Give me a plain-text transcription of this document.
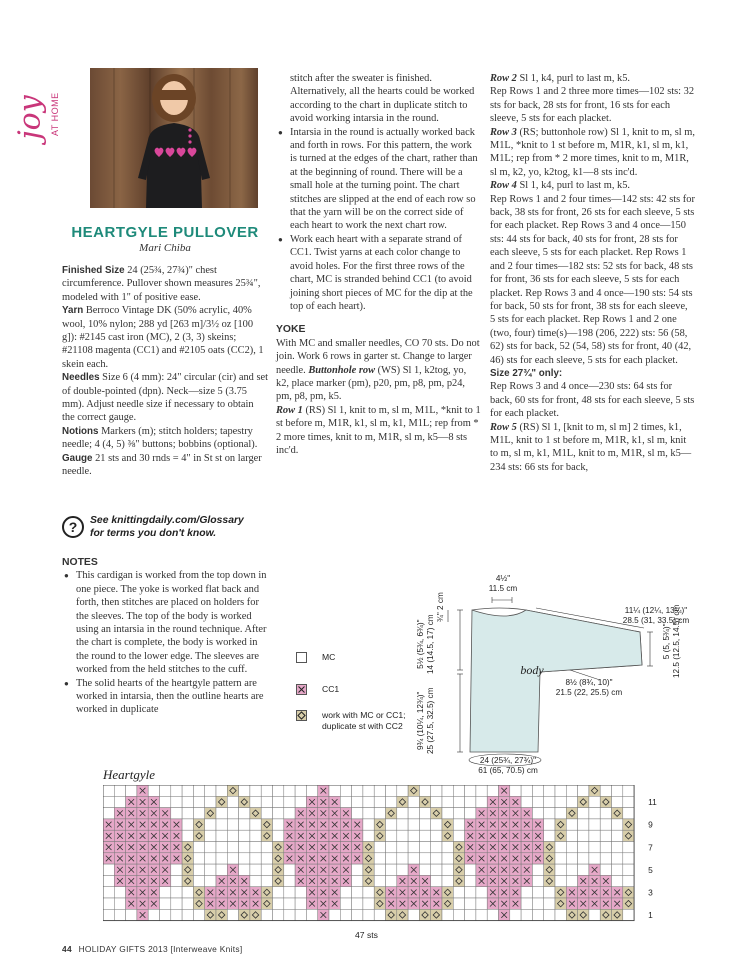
joy AT HOME
HEARTGYLE PULLOVER
Mari Chiba

Finished Size 24 (25¾, 27¾)" chest circumference. Pullover shown measures 25¾", modeled with 1" of positive ease.

Yarn Berroco Vintage DK (50% acrylic, 40% wool, 10% nylon; 288 yd [263 m]/3½ oz [100 g]): #2145 cast iron (MC), 2 (3, 3) skeins; #21108 magenta (CC1) and #2105 oats (CC2), 1 skein each.

Needles Size 6 (4 mm): 24" circular (cir) and set of double-pointed (dpn). Neck—size 5 (3.75 mm). Adjust needle size if necessary to obtain the correct gauge.

Notions Markers (m); stitch holders; tapestry needle; 4 (4, 5) ⅜" buttons; bobbins (optional).

Gauge 21 sts and 30 rnds = 4" in St st on larger needle.

?	See knittingdaily.com/Glossary
for terms you don't know.
NOTES

● This cardigan is worked from the top down in one piece. The yoke is worked flat back and forth, then stitches are placed on holders for the sleeves. The top of the body is worked using an intarsia in the round technique. After the chart is complete, the body is worked in the round to the lower edge. The sleeves are worked from the held stitches to the cuff.

● The solid hearts of the heartgyle pattern are worked in intarsia, then the outline hearts are worked in duplicate

stitch after the sweater is finished. Alternatively, all the hearts could be worked according to the chart in duplicate stitch to avoid working intarsia in the round.

● Intarsia in the round is actually worked back and forth in rows. For this pattern, the work is turned at the edges of the chart, rather than at the beginning of round. There will be a small hole at the turning point. The chart stitches are slipped at the end of each row so that the yarn will be on the correct side of each heart to work the next chart row.

● Work each heart with a separate strand of CC1. Twist yarns at each color change to avoid holes. For the first three rows of the chart, MC is stranded behind CC1 (to avoid joining short pieces of MC for the dip at the top of each heart).

YOKE

With MC and smaller needles, CO 70 sts. Do not join. Work 6 rows in garter st. Change to larger needle. Buttonhole row (WS) Sl 1, k2tog, yo, k2, place marker (pm), p20, pm, p8, pm, p24, pm, p8, pm, k5.

Row 1 (RS) Sl 1, knit to m, sl m, M1L, *knit to 1 st before m, M1R, k1, sl m, k1, M1L; rep from * 2 more times, knit to m, M1R, sl m, k5—8 sts inc'd.

Row 2 Sl 1, k4, purl to last m, k5.

Rep Rows 1 and 2 three more times—102 sts: 32 sts for back, 28 sts for front, 16 sts for each sleeve, 5 sts for each placket.

Row 3 (RS; buttonhole row) Sl 1, knit to m, sl m, M1L, *knit to 1 st before m, M1R, k1, sl m, k1, M1L; rep from * 2 more times, knit to m, M1R, sl m, k2, yo, k2tog, k1—8 sts inc'd.

Row 4 Sl 1, k4, purl to last m, k5.

Rep Rows 1 and 2 four times—142 sts: 42 sts for back, 38 sts for front, 26 sts for each sleeve, 5 sts for each placket. Rep Rows 3 and 4 once—150 sts: 44 sts for back, 40 sts for front, 28 sts for each sleeve, 5 sts for each placket. Rep Rows 1 and 2 four times—182 sts: 52 sts for back, 48 sts for front, 36 sts for each sleeve, 5 sts for each placket. Rep Rows 3 and 4 once—190 sts: 54 sts for back, 50 sts for front, 38 sts for each sleeve, 5 sts for each placket. Rep Rows 1 and 2 one (two, four) time(s)—198 (206, 222) sts: 56 (58, 62) sts for back, 52 (54, 58) sts for front, 40 (42, 46) sts for each sleeve, 5 sts for each placket.

Size 27¾" only:

Rep Rows 3 and 4 once—230 sts: 64 sts for back, 60 sts for front, 48 sts for each sleeve, 5 sts for each placket.

Row 5 (RS) Sl 1, [knit to m, sl m] 2 times, k1, M1L, knit to 1 st before m, M1R, k1, sl m, knit to m, sl m, k1, M1L, knit to m, M1R, sl m, k5—234 sts: 66 sts for back,

MC
CC1
work with MC or CC1;
duplicate st with CC2
4½"
11.5 cm
11¼ (12¼, 13¼)"
28.5 (31, 33.5) cm
body
¾" 2 cm
5½ (5¾, 6¾)"
14 (14.5, 17) cm
9¾ (10¼, 12¾)"
25 (27.5, 32.5) cm
8½ (8¾, 10)"
21.5 (22, 25.5) cm
5 (5, 5¾)"
12.5 (12.5, 14.5) cm
24 (25¾, 27¾)"
61 (65, 70.5) cm
Heartgyle
11
9
7
5
3
1
47 sts
44 HOLIDAY GIFTS 2013 [Interweave Knits]
